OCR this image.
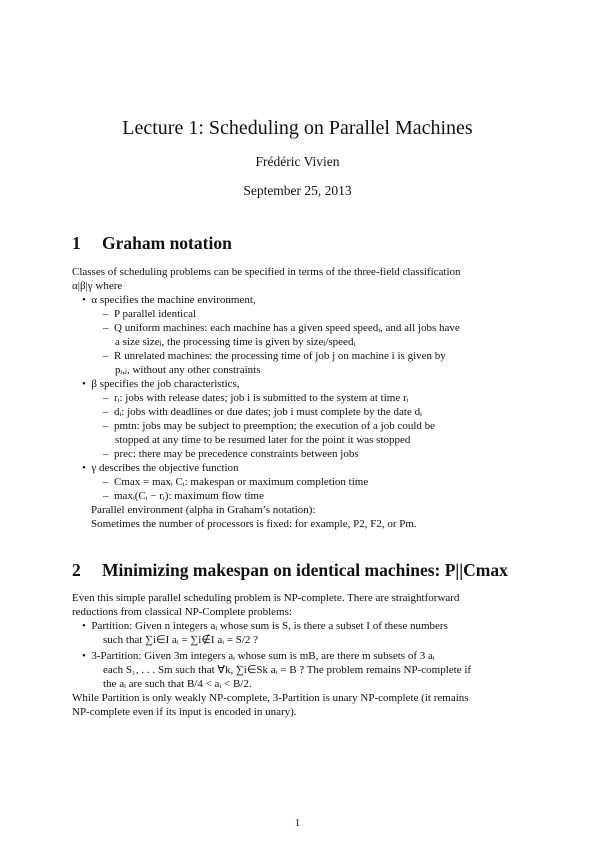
Lecture 1: Scheduling on Parallel Machines
Frédéric Vivien
September 25, 2013
1 Graham notation
Classes of scheduling problems can be specified in terms of the three-field classification
α|β|γ where
•  α specifies the machine environment,
–  P parallel identical
–  Q uniform machines: each machine has a given speed speedᵢ, and all jobs have
a size sizeⱼ, the processing time is given by sizeⱼ/speedᵢ
–  R unrelated machines: the processing time of job j on machine i is given by
pᵢ,ⱼ, without any other constraints
•  β specifies the job characteristics,
–  rᵢ: jobs with release dates; job i is submitted to the system at time rᵢ
–  dᵢ: jobs with deadlines or due dates; job i must complete by the date dᵢ
–  pmtn: jobs may be subject to preemption; the execution of a job could be
stopped at any time to be resumed later for the point it was stopped
–  prec: there may be precedence constraints between jobs
•  γ describes the objective function
–  Cmax = maxᵢ Cᵢ: makespan or maximum completion time
–  maxᵢ(Cᵢ − rᵢ): maximum flow time
Parallel environment (alpha in Graham’s notation):
Sometimes the number of processors is fixed: for example, P2, F2, or Pm.
2 Minimizing makespan on identical machines: P||Cmax
Even this simple parallel scheduling problem is NP-complete. There are straightforward
reductions from classical NP-Complete problems:
•  Partition: Given n integers aᵢ whose sum is S, is there a subset I of these numbers
such that ∑i∈I aᵢ = ∑i∉I aᵢ = S/2 ?
•  3-Partition: Given 3m integers aᵢ whose sum is mB, are there m subsets of 3 aᵢ
each S₁, . . . Sm such that ∀k, ∑i∈Sk aᵢ = B ? The problem remains NP-complete if
the aᵢ are such that B/4 < aᵢ < B/2.
While Partition is only weakly NP-complete, 3-Partition is unary NP-complete (it remains
NP-complete even if its input is encoded in unary).
1
